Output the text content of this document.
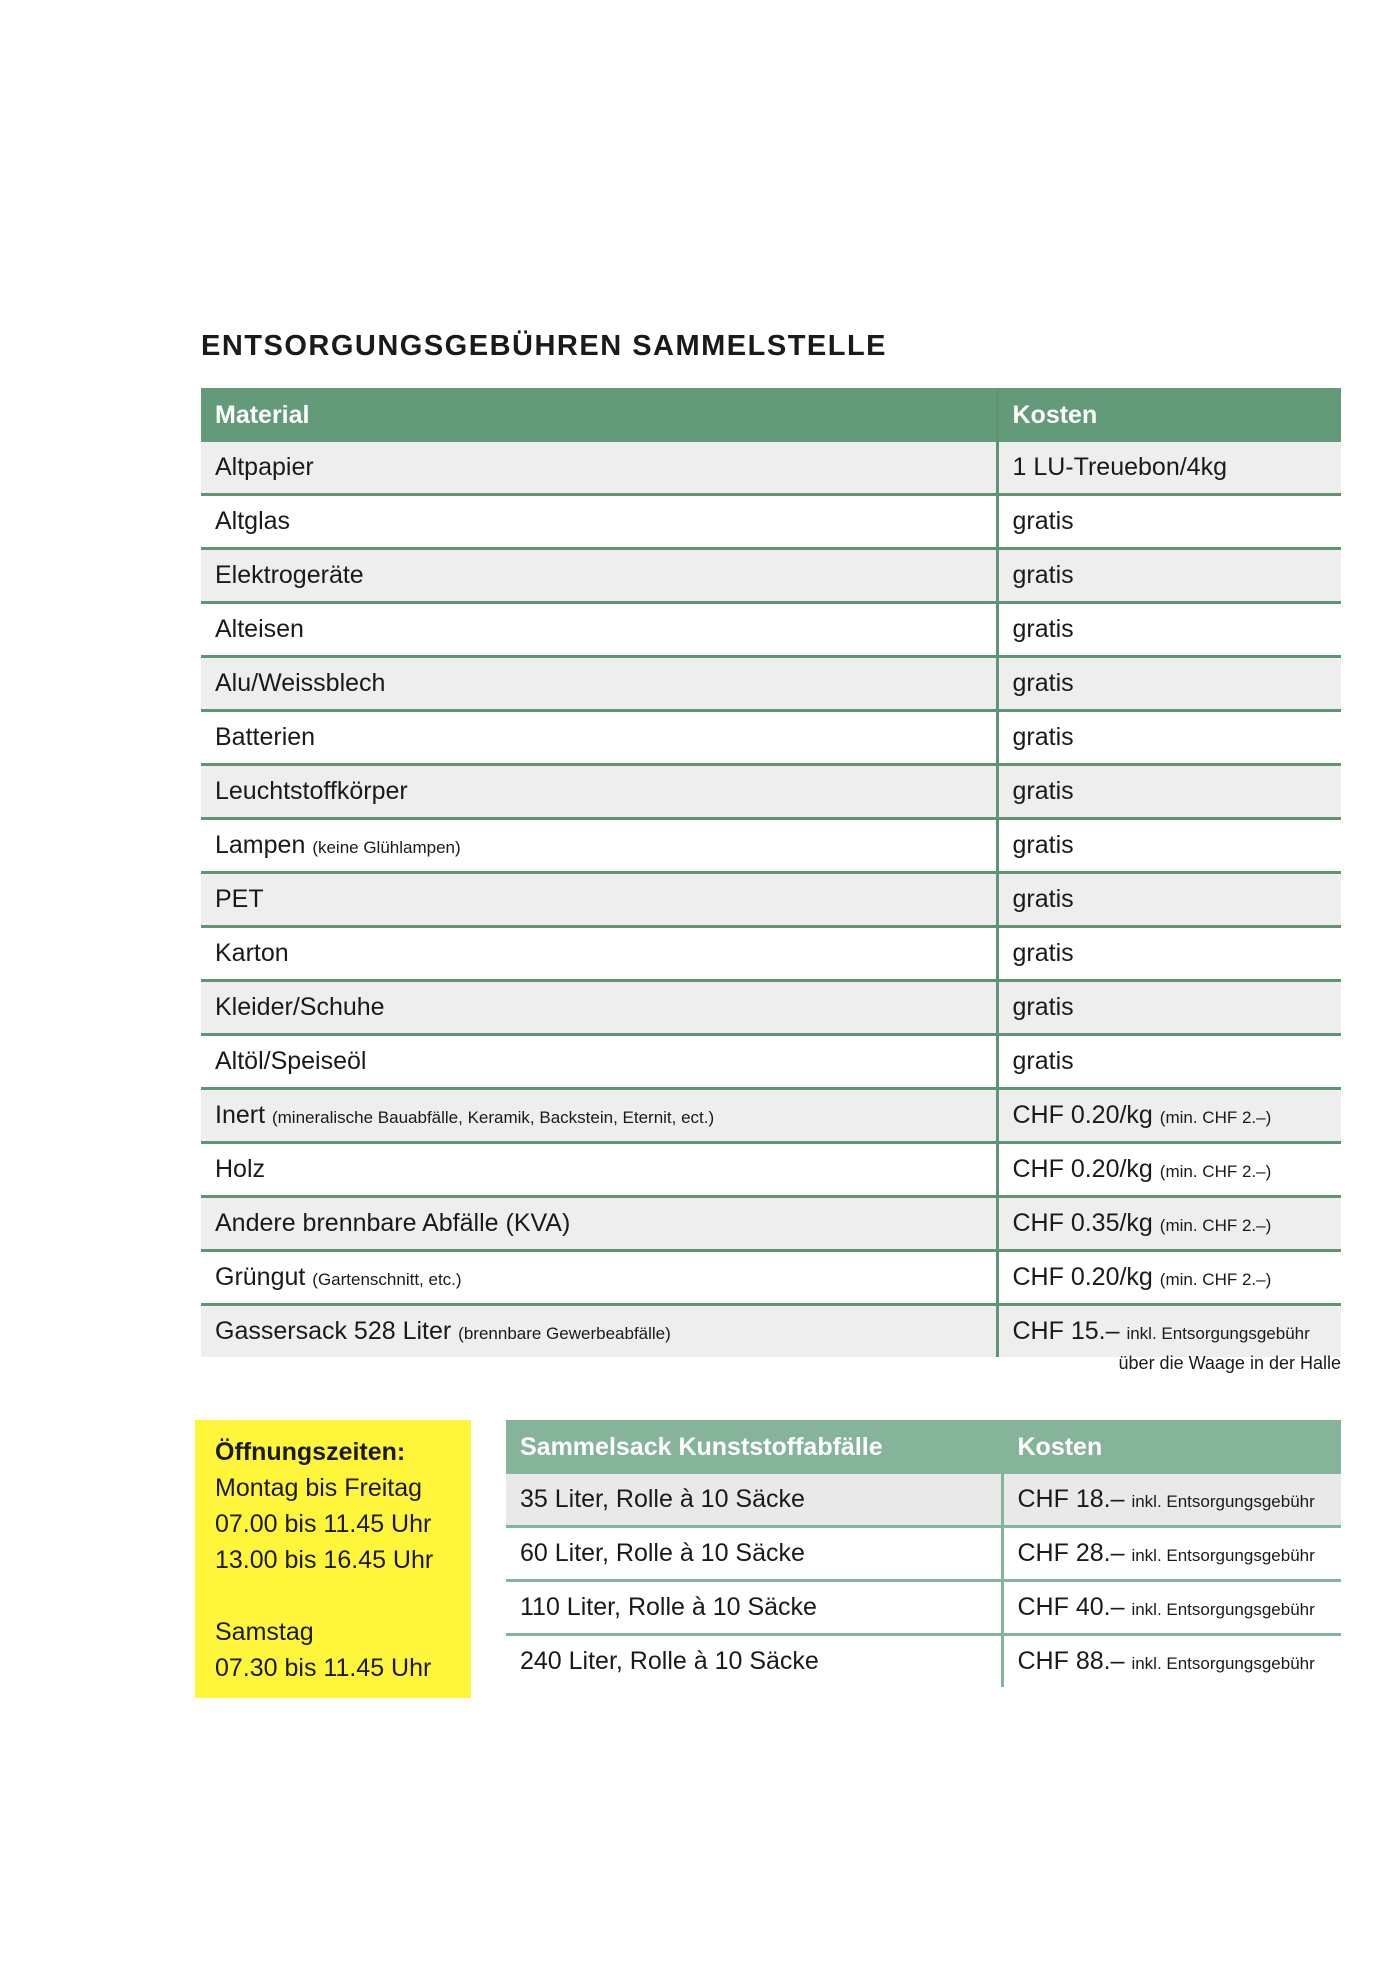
ENTSORGUNGSGEBÜHREN SAMMELSTELLE
Material	Kosten
Altpapier	1 LU-Treuebon/4kg
Altglas	gratis
Elektrogeräte	gratis
Alteisen	gratis
Alu/Weissblech	gratis
Batterien	gratis
Leuchtstoffkörper	gratis
Lampen (keine Glühlampen)	gratis
PET	gratis
Karton	gratis
Kleider/Schuhe	gratis
Altöl/Speiseöl	gratis
Inert (mineralische Bauabfälle, Keramik, Backstein, Eternit, ect.)	CHF 0.20/kg (min. CHF 2.–)
Holz	CHF 0.20/kg (min. CHF 2.–)
Andere brennbare Abfälle (KVA)	CHF 0.35/kg (min. CHF 2.–)
Grüngut (Gartenschnitt, etc.)	CHF 0.20/kg (min. CHF 2.–)
Gassersack 528 Liter (brennbare Gewerbeabfälle)	CHF 15.– inkl. Entsorgungsgebühr
über die Waage in der Halle
Öffnungszeiten:
Montag bis Freitag
07.00 bis 11.45 Uhr
13.00 bis 16.45 Uhr
Samstag
07.30 bis 11.45 Uhr
Sammelsack Kunststoffabfälle	Kosten
35 Liter, Rolle à 10 Säcke	CHF 18.– inkl. Entsorgungsgebühr
60 Liter, Rolle à 10 Säcke	CHF 28.– inkl. Entsorgungsgebühr
110 Liter, Rolle à 10 Säcke	CHF 40.– inkl. Entsorgungsgebühr
240 Liter, Rolle à 10 Säcke	CHF 88.– inkl. Entsorgungsgebühr
